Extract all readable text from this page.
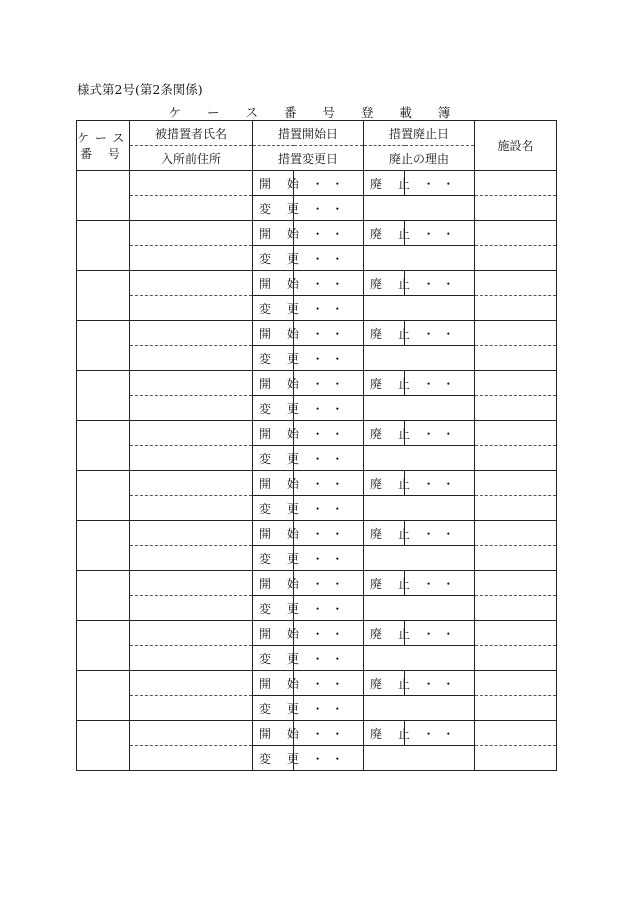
様式第2号(第2条関係)
ケ ー ス 番 号 登 載 簿
ケース
番 号	被措置者氏名	措置開始日		措置廃止日		施設名
	入所前住所	措置変更日		廃止の理由		
		開 始	・ ・	廃 止	・ ・	
		変 更	・ ・			
		開 始	・ ・	廃 止	・ ・	
		変 更	・ ・			
		開 始	・ ・	廃 止	・ ・	
		変 更	・ ・			
		開 始	・ ・	廃 止	・ ・	
		変 更	・ ・			
		開 始	・ ・	廃 止	・ ・	
		変 更	・ ・			
		開 始	・ ・	廃 止	・ ・	
		変 更	・ ・			
		開 始	・ ・	廃 止	・ ・	
		変 更	・ ・			
		開 始	・ ・	廃 止	・ ・	
		変 更	・ ・			
		開 始	・ ・	廃 止	・ ・	
		変 更	・ ・			
		開 始	・ ・	廃 止	・ ・	
		変 更	・ ・			
		開 始	・ ・	廃 止	・ ・	
		変 更	・ ・			
		開 始	・ ・	廃 止	・ ・	
		変 更	・ ・			
